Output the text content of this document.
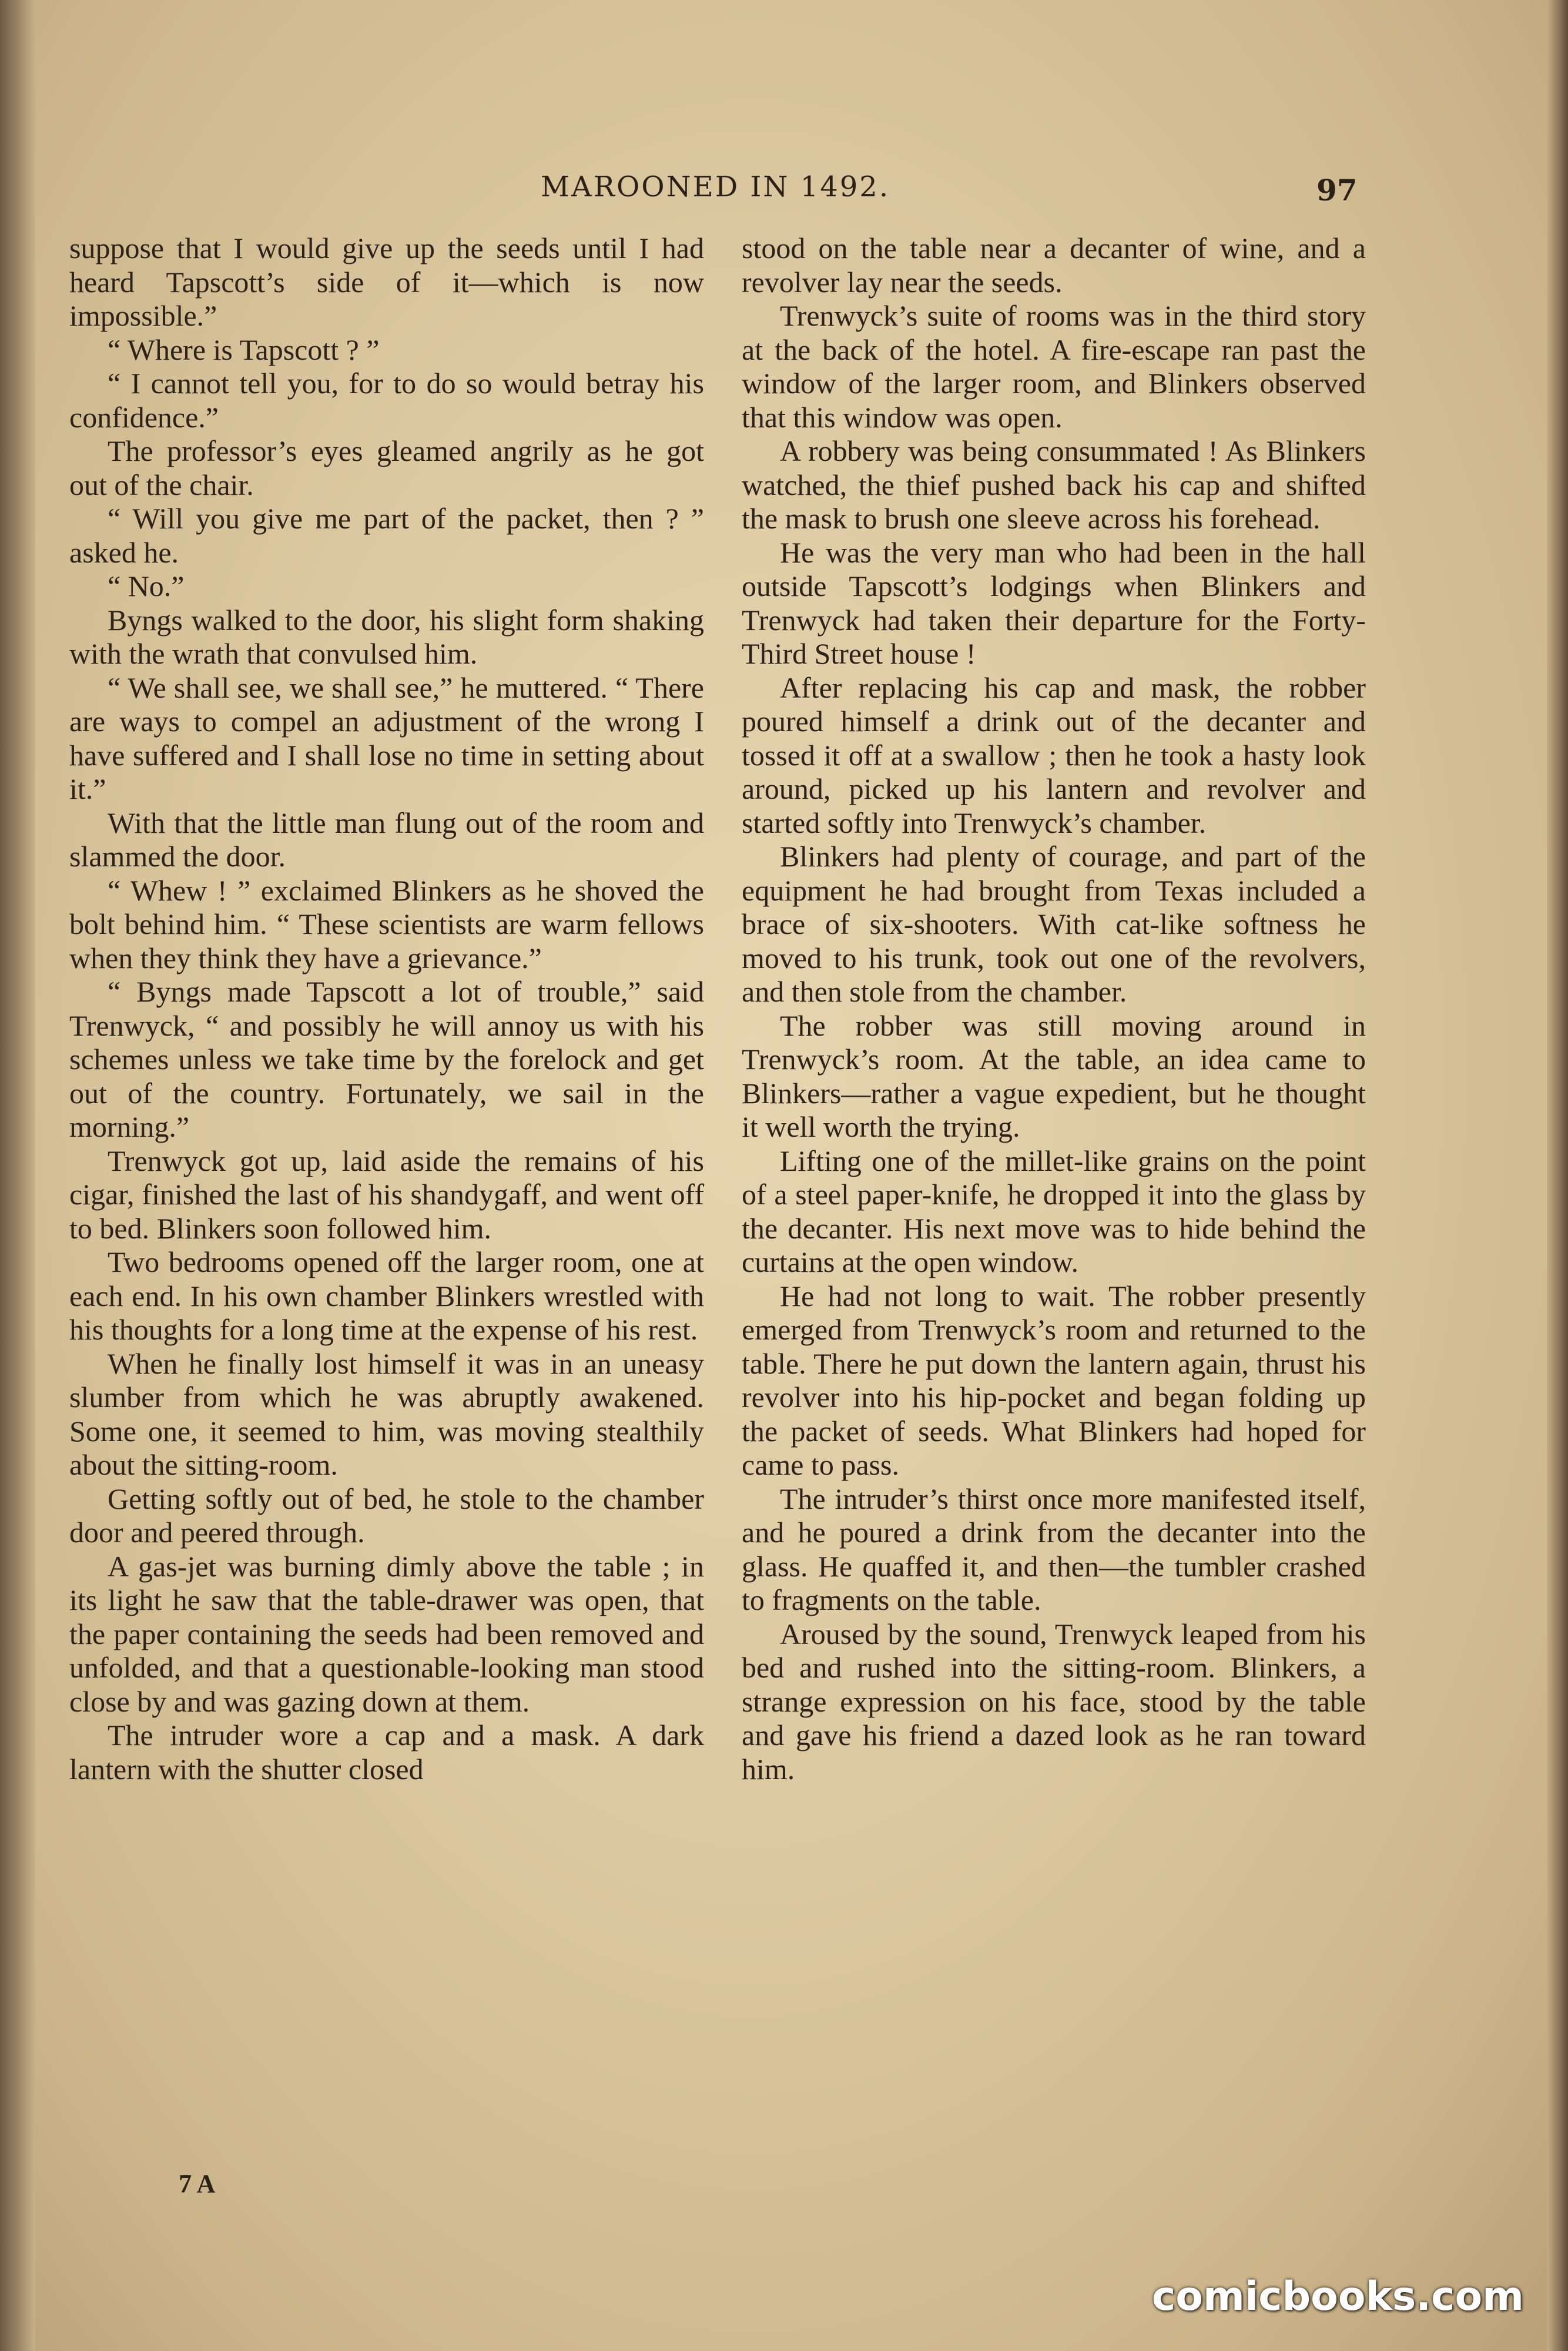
MAROONED IN 1492.	97

suppose that I would give up the seeds until I had heard Tapscott’s side of it—which is now impossible.”

“ Where is Tapscott ? ”

“ I cannot tell you, for to do so would betray his confidence.”

The professor’s eyes gleamed angrily as he got out of the chair.

“ Will you give me part of the packet, then ? ” asked he.

“ No.”

Byngs walked to the door, his slight form shaking with the wrath that convulsed him.

“ We shall see, we shall see,” he muttered. “ There are ways to compel an adjustment of the wrong I have suffered and I shall lose no time in setting about it.”

With that the little man flung out of the room and slammed the door.

“ Whew ! ” exclaimed Blinkers as he shoved the bolt behind him. “ These scientists are warm fellows when they think they have a grievance.”

“ Byngs made Tapscott a lot of trouble,” said Trenwyck, “ and possibly he will annoy us with his schemes unless we take time by the forelock and get out of the country. Fortunately, we sail in the morning.”

Trenwyck got up, laid aside the remains of his cigar, finished the last of his shandygaff, and went off to bed. Blinkers soon followed him.

Two bedrooms opened off the larger room, one at each end. In his own chamber Blinkers wrestled with his thoughts for a long time at the expense of his rest.

When he finally lost himself it was in an uneasy slumber from which he was abruptly awakened. Some one, it seemed to him, was moving stealthily about the sitting-room.

Getting softly out of bed, he stole to the chamber door and peered through.

A gas-jet was burning dimly above the table ; in its light he saw that the table-drawer was open, that the paper containing the seeds had been removed and unfolded, and that a questionable-looking man stood close by and was gazing down at them.

The intruder wore a cap and a mask. A dark lantern with the shutter closed

stood on the table near a decanter of wine, and a revolver lay near the seeds.

Trenwyck’s suite of rooms was in the third story at the back of the hotel. A fire-escape ran past the window of the larger room, and Blinkers observed that this window was open.

A robbery was being consummated ! As Blinkers watched, the thief pushed back his cap and shifted the mask to brush one sleeve across his forehead.

He was the very man who had been in the hall outside Tapscott’s lodgings when Blinkers and Trenwyck had taken their departure for the Forty-Third Street house !

After replacing his cap and mask, the robber poured himself a drink out of the decanter and tossed it off at a swallow ; then he took a hasty look around, picked up his lantern and revolver and started softly into Trenwyck’s chamber.

Blinkers had plenty of courage, and part of the equipment he had brought from Texas included a brace of six-shooters. With cat-like softness he moved to his trunk, took out one of the revolvers, and then stole from the chamber.

The robber was still moving around in Trenwyck’s room. At the table, an idea came to Blinkers—rather a vague expedient, but he thought it well worth the trying.

Lifting one of the millet-like grains on the point of a steel paper-knife, he dropped it into the glass by the decanter. His next move was to hide behind the curtains at the open window.

He had not long to wait. The robber presently emerged from Trenwyck’s room and returned to the table. There he put down the lantern again, thrust his revolver into his hip-pocket and began folding up the packet of seeds. What Blinkers had hoped for came to pass.

The intruder’s thirst once more manifested itself, and he poured a drink from the decanter into the glass. He quaffed it, and then—the tumbler crashed to fragments on the table.

Aroused by the sound, Trenwyck leaped from his bed and rushed into the sitting-room. Blinkers, a strange expression on his face, stood by the table and gave his friend a dazed look as he ran toward him.

7 A
comicbooks.com
